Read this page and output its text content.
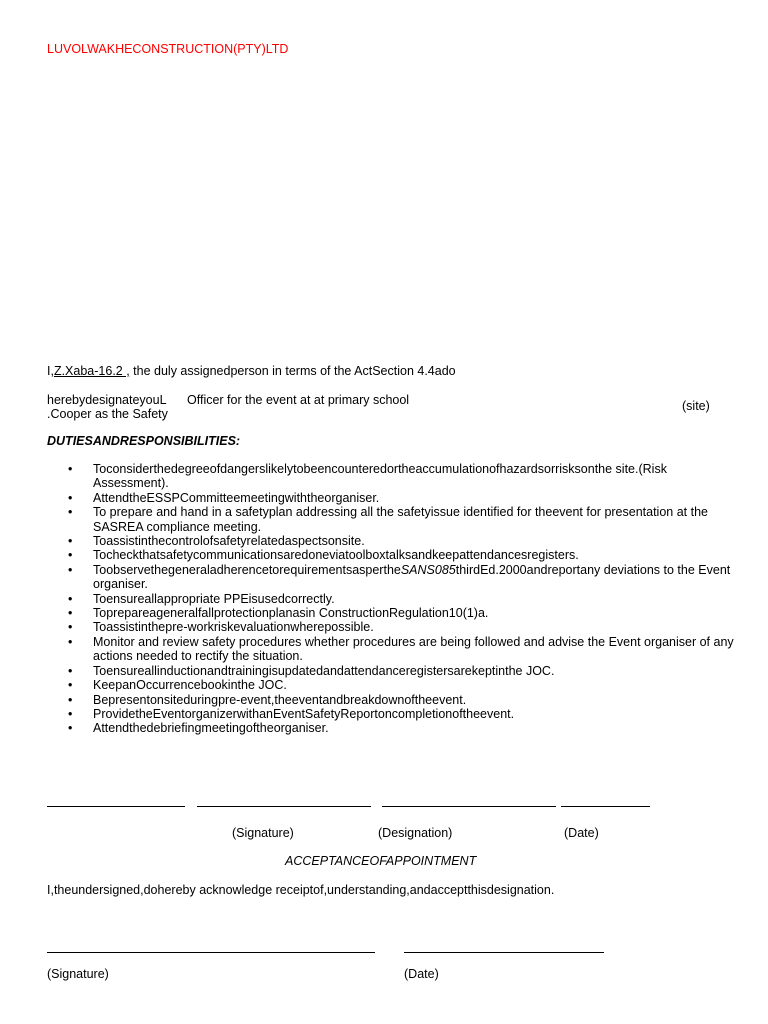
LUVOLWAKHECONSTRUCTION(PTY)LTD
I,Z.Xaba-16.2 , the duly assignedperson in terms of the ActSection 4.4ado
herebydesignateyouL Officer for the event at at primary school
.Cooper as the Safety
(site)
DUTIESANDRESPONSIBILITIES:
• Toconsiderthedegreeofdangerslikelytobeencounteredortheaccumulationofhazardsorrisksonthe site.(Risk Assessment).
• AttendtheESSPCommitteemeetingwiththeorganiser.
• To prepare and hand in a safetyplan addressing all the safetyissue identified for theevent for presentation at the SASREA compliance meeting.
• Toassistinthecontrolofsafetyrelatedaspectsonsite.
• Tocheckthatsafetycommunicationsaredoneviatoolboxtalksandkeepattendancesregisters.
• ToobservethegeneraladherencetorequirementsaspertheSANS085thirdEd.2000andreportany deviations to the Event organiser.
• Toensureallappropriate PPEisusedcorrectly.
• Toprepareageneralfallprotectionplanasin ConstructionRegulation10(1)a.
• Toassistinthepre-workriskevaluationwherepossible.
• Monitor and review safety procedures whether procedures are being followed and advise the Event organiser of any actions needed to rectify the situation.
• Toensureallinductionandtrainingisupdatedandattendanceregistersarekeptinthe JOC.
• KeepanOccurrencebookinthe JOC.
• Bepresentonsiteduringpre-event,theeventandbreakdownoftheevent.
• ProvidetheEventorganizerwithanEventSafetyReportoncompletionoftheevent.
• Attendthedebriefingmeetingoftheorganiser.
(Signature)	(Designation)	(Date)
ACCEPTANCEOFAPPOINTMENT
I,theundersigned,dohereby acknowledge receiptof,understanding,andacceptthisdesignation.
(Signature)	(Date)
